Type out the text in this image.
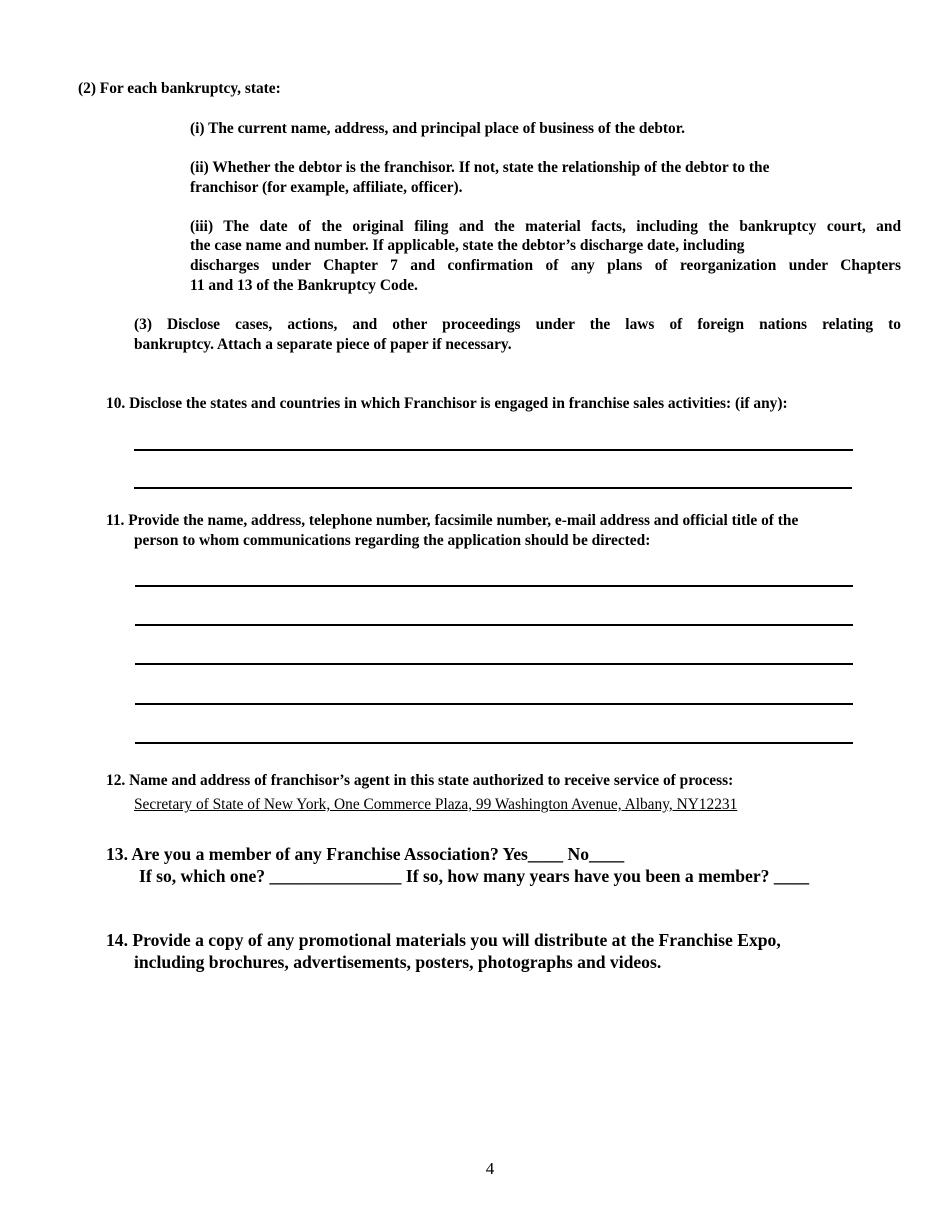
(2) For each bankruptcy, state:

(i) The current name, address, and principal place of business of the debtor.

(ii) Whether the debtor is the franchisor. If not, state the relationship of the debtor to the

franchisor (for example, affiliate, officer).

(iii) The date of the original filing and the material facts, including the bankruptcy court, and

the case name and number. If applicable, state the debtor’s discharge date, including

discharges under Chapter 7 and confirmation of any plans of reorganization under Chapters

11 and 13 of the Bankruptcy Code.

(3) Disclose cases, actions, and other proceedings under the laws of foreign nations relating to

bankruptcy. Attach a separate piece of paper if necessary.

10. Disclose the states and countries in which Franchisor is engaged in franchise sales activities: (if any):

11. Provide the name, address, telephone number, facsimile number, e-mail address and official title of the

person to whom communications regarding the application should be directed:

12. Name and address of franchisor’s agent in this state authorized to receive service of process:

Secretary of State of New York, One Commerce Plaza, 99 Washington Avenue, Albany, NY12231

13. Are you a member of any Franchise Association? Yes____ No____

If so, which one? _______________ If so, how many years have you been a member? ____

14. Provide a copy of any promotional materials you will distribute at the Franchise Expo,

including brochures, advertisements, posters, photographs and videos.

4
